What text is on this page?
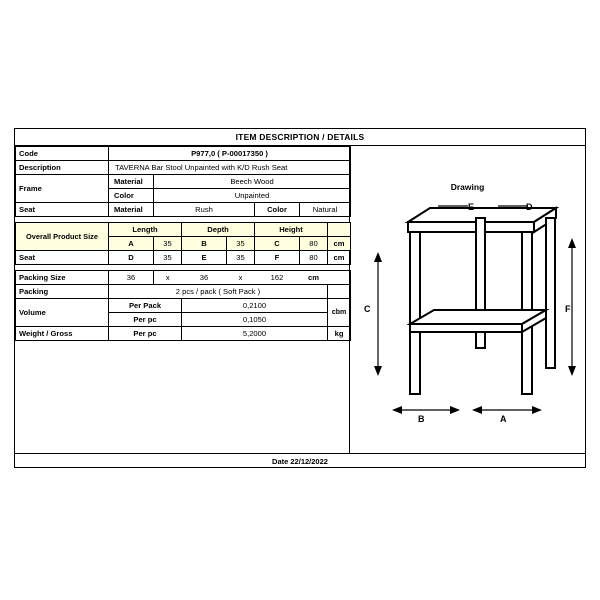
ITEM DESCRIPTION / DETAILS
Code	P977,0 ( P-00017350 )						
Description	TAVERNA Bar Stool Unpainted with K/D Rush Seat						
Frame	Material	Beech Wood					
	Color	Unpainted					
Seat	Material	Rush			Color	Natural	

Overall Product Size	Length		Depth		Height		
	A	35	B	35	C	80	cm
Seat	D	35	E	35	F	80	cm

Packing Size	36	x	36	x	162	cm	
Packing	2 pcs / pack ( Soft Pack )						
Volume	Per Pack		0,2100				cbm
	Per pc		0,1050				
Weight / Gross	Per pc		5,2000				kg
Drawing
E	D
C	F
B	A
Date 22/12/2022
